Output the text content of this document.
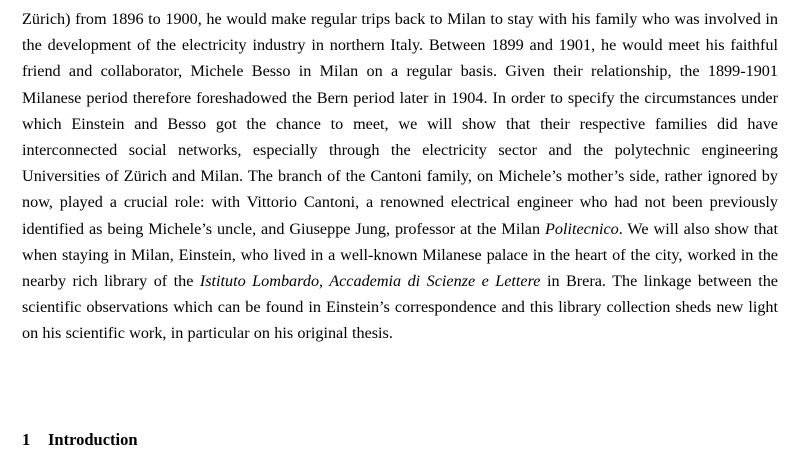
Zürich) from 1896 to 1900, he would make regular trips back to Milan to stay with his family who was involved in the development of the electricity industry in northern Italy. Between 1899 and 1901, he would meet his faithful friend and collaborator, Michele Besso in Milan on a regular basis. Given their relationship, the 1899-1901 Milanese period therefore foreshadowed the Bern period later in 1904. In order to specify the circumstances under which Einstein and Besso got the chance to meet, we will show that their respective families did have interconnected social networks, especially through the electricity sector and the polytechnic engineering Universities of Zürich and Milan. The branch of the Cantoni family, on Michele’s mother’s side, rather ignored by now, played a crucial role: with Vittorio Cantoni, a renowned electrical engineer who had not been previously identified as being Michele’s uncle, and Giuseppe Jung, professor at the Milan Politecnico. We will also show that when staying in Milan, Einstein, who lived in a well-known Milanese palace in the heart of the city, worked in the nearby rich library of the Istituto Lombardo, Accademia di Scienze e Lettere in Brera. The linkage between the scientific observations which can be found in Einstein’s correspondence and this library collection sheds new light on his scientific work, in particular on his original thesis.

1 Introduction
